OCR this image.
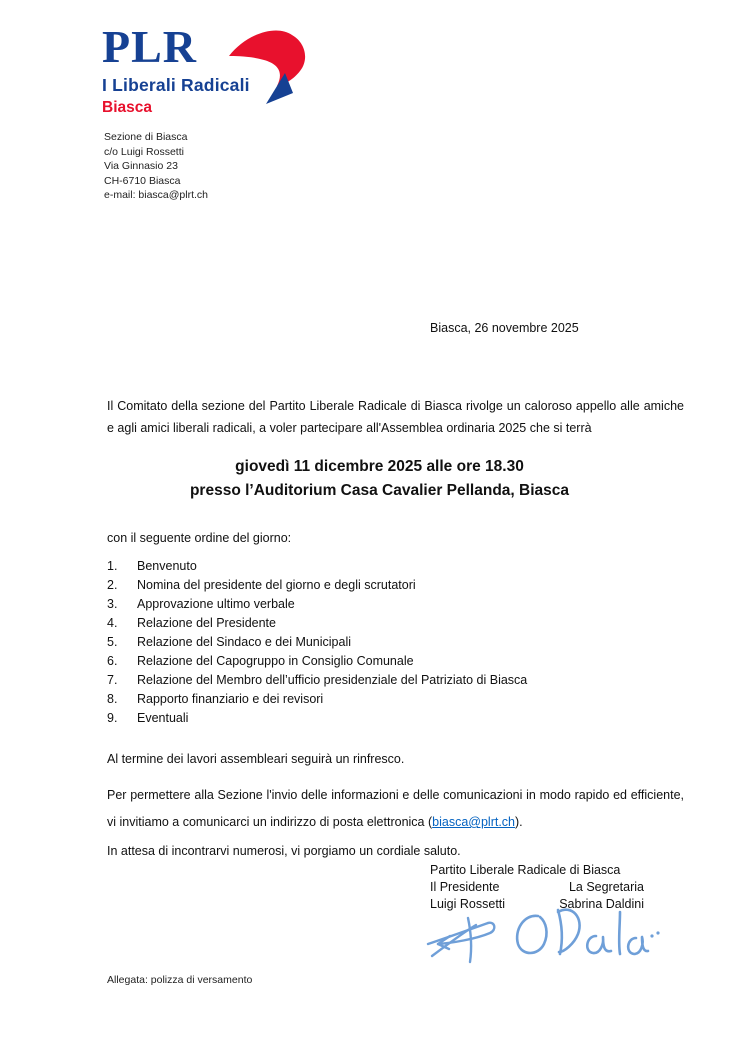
PLR
I Liberali Radicali
Biasca
Sezione di Biasca
c/o Luigi Rossetti
Via Ginnasio 23
CH-6710 Biasca
e-mail: biasca@plrt.ch
Biasca, 26 novembre 2025

Il Comitato della sezione del Partito Liberale Radicale di Biasca rivolge un caloroso appello alle amiche e agli amici liberali radicali, a voler partecipare all'Assemblea ordinaria 2025 che si terrà

giovedì 11 dicembre 2025 alle ore 18.30
presso l’Auditorium Casa Cavalier Pellanda, Biasca

con il seguente ordine del giorno:

1.	Benvenuto
2.	Nomina del presidente del giorno e degli scrutatori
3.	Approvazione ultimo verbale
4.	Relazione del Presidente
5.	Relazione del Sindaco e dei Municipali
6.	Relazione del Capogruppo in Consiglio Comunale
7.	Relazione del Membro dell’ufficio presidenziale del Patriziato di Biasca
8.	Rapporto finanziario e dei revisori
9.	Eventuali

Al termine dei lavori assembleari seguirà un rinfresco.

Per permettere alla Sezione l'invio delle informazioni e delle comunicazioni in modo rapido ed efficiente, vi invitiamo a comunicarci un indirizzo di posta elettronica (biasca@plrt.ch).

In attesa di incontrarvi numerosi, vi porgiamo un cordiale saluto.

Partito Liberale Radicale di Biasca
Il Presidente	La Segretaria
Luigi Rossetti	Sabrina Daldini
Allegata: polizza di versamento
